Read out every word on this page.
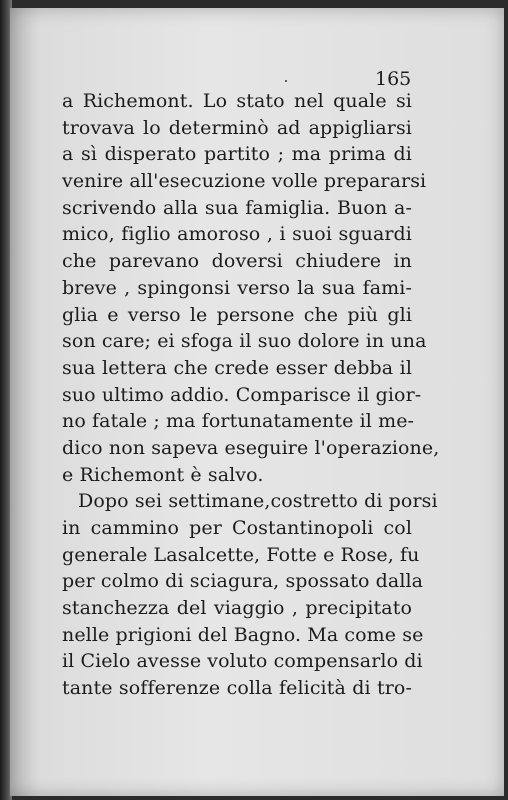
165
a Richemont. Lo stato nel quale si
trovava lo determinò ad appigliarsi
a sì disperato partito ; ma prima di
venire all'esecuzione volle prepararsi
scrivendo alla sua famiglia. Buon a-
mico, figlio amoroso , i suoi sguardi
che parevano doversi chiudere in
breve , spingonsi verso la sua fami-
glia e verso le persone che più gli
son care; ei sfoga il suo dolore in una
sua lettera che crede esser debba il
suo ultimo addio. Comparisce il gior-
no fatale ; ma fortunatamente il me-
dico non sapeva eseguire l'operazione,
e Richemont è salvo.
Dopo sei settimane,costretto di porsi
in cammino per Costantinopoli col
generale Lasalcette, Fotte e Rose, fu
per colmo di sciagura, spossato dalla
stanchezza del viaggio , precipitato
nelle prigioni del Bagno. Ma come se
il Cielo avesse voluto compensarlo di
tante sofferenze colla felicità di tro-
